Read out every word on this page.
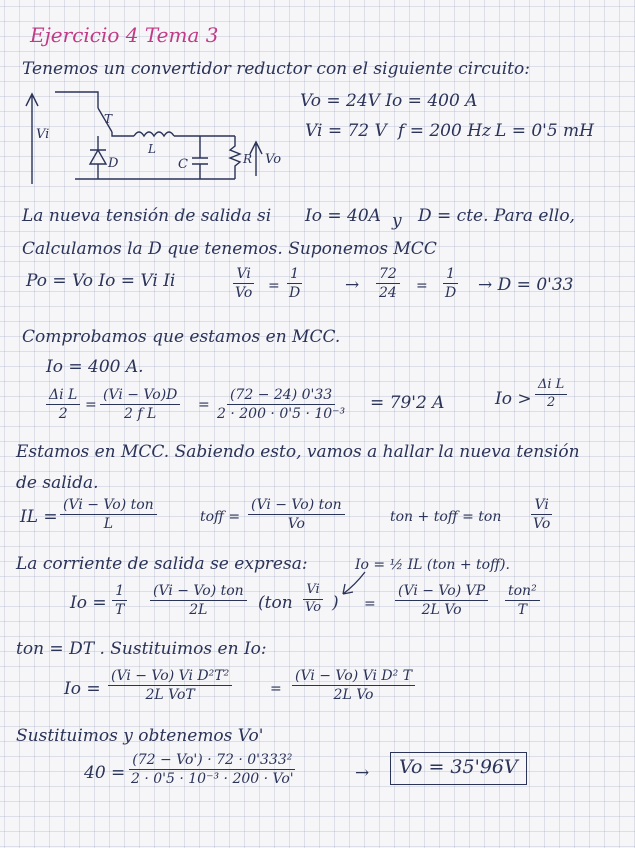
Ejercicio 4 Tema 3
Tenemos un convertidor reductor con el siguiente circuito:
Vi
T
L
D	C	R Vo
Vo = 24V Io = 400 A
Vi = 72 V f = 200 Hz L = 0'5 mH
La nueva tensión de salida si Io = 40A y D = cte. Para ello,
Calculamos la D que tenemos. Suponemos MCC
Po = Vo Io = Vi Ii	$\frac{Vi}{Vo} = \frac{1}{D} \to \frac{72}{24} = \frac{1}{D} \to D = 0'33$
Comprobamos que estamos en MCC.
Io = 400 A.
$\frac{\text{Δi L}}{2} = \frac{(Vi - Vo)D}{\text{2 f L}} = \frac{(72 - 24) 0'33}{\text{2 · 200 · 0'5 · 10⁻³}} = 79'2$ A	$Io > \frac{\text{Δi L}}{2}$
Estamos en MCC. Sabiendo esto, vamos a hallar la nueva tensión
de salida.
IL =
(Vi − Vo) ton
L	toff =
(Vi − Vo) ton
Vo	ton + toff = ton $\frac{Vi}{Vo}$
La corriente de salida se expresa:	Io = ½ IL (ton + toff).
$Io = \frac{1}{T} (Vi - Vo)$ ton
2L	($ton \frac{Vi}{Vo}$ ) = $\frac{(Vi - Vo) VP}{\text{2L Vo}} ton^2$
T
ton = DT . Sustituimos en Io:
Io =
(Vi − Vo) Vi D²T²
2L VoT	= $\frac{\text{(Vi − Vo) Vi D² T}}{\text{2L Vo}}$
Sustituimos y obtenemos Vo'
$40 = \frac{\text{(72 − Vo') · 72 · 0'333²}}{\text{2 · 0'5 · 10⁻³ · 200 · Vo'}}$	→	Vo = 35'96V
